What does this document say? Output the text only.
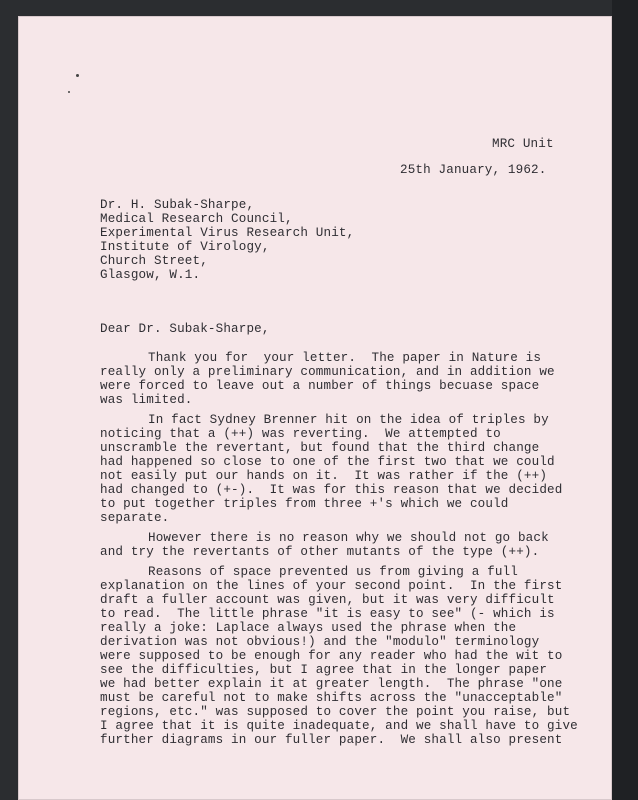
MRC Unit
25th January, 1962.
Dr. H. Subak-Sharpe,
Medical Research Council,
Experimental Virus Research Unit,
Institute of Virology,
Church Street,
Glasgow, W.1.
Dear Dr. Subak-Sharpe,
Thank you for  your letter.  The paper in Nature is
really only a preliminary communication, and in addition we
were forced to leave out a number of things becuase space
was limited.
In fact Sydney Brenner hit on the idea of triples by
noticing that a (++) was reverting.  We attempted to
unscramble the revertant, but found that the third change
had happened so close to one of the first two that we could
not easily put our hands on it.  It was rather if the (++)
had changed to (+-).  It was for this reason that we decided
to put together triples from three +'s which we could
separate.
However there is no reason why we should not go back
and try the revertants of other mutants of the type (++).
Reasons of space prevented us from giving a full
explanation on the lines of your second point.  In the first
draft a fuller account was given, but it was very difficult
to read.  The little phrase "it is easy to see" (- which is
really a joke: Laplace always used the phrase when the
derivation was not obvious!) and the "modulo" terminology
were supposed to be enough for any reader who had the wit to
see the difficulties, but I agree that in the longer paper
we had better explain it at greater length.  The phrase "one
must be careful not to make shifts across the "unacceptable"
regions, etc." was supposed to cover the point you raise, but
I agree that it is quite inadequate, and we shall have to give
further diagrams in our fuller paper.  We shall also present
